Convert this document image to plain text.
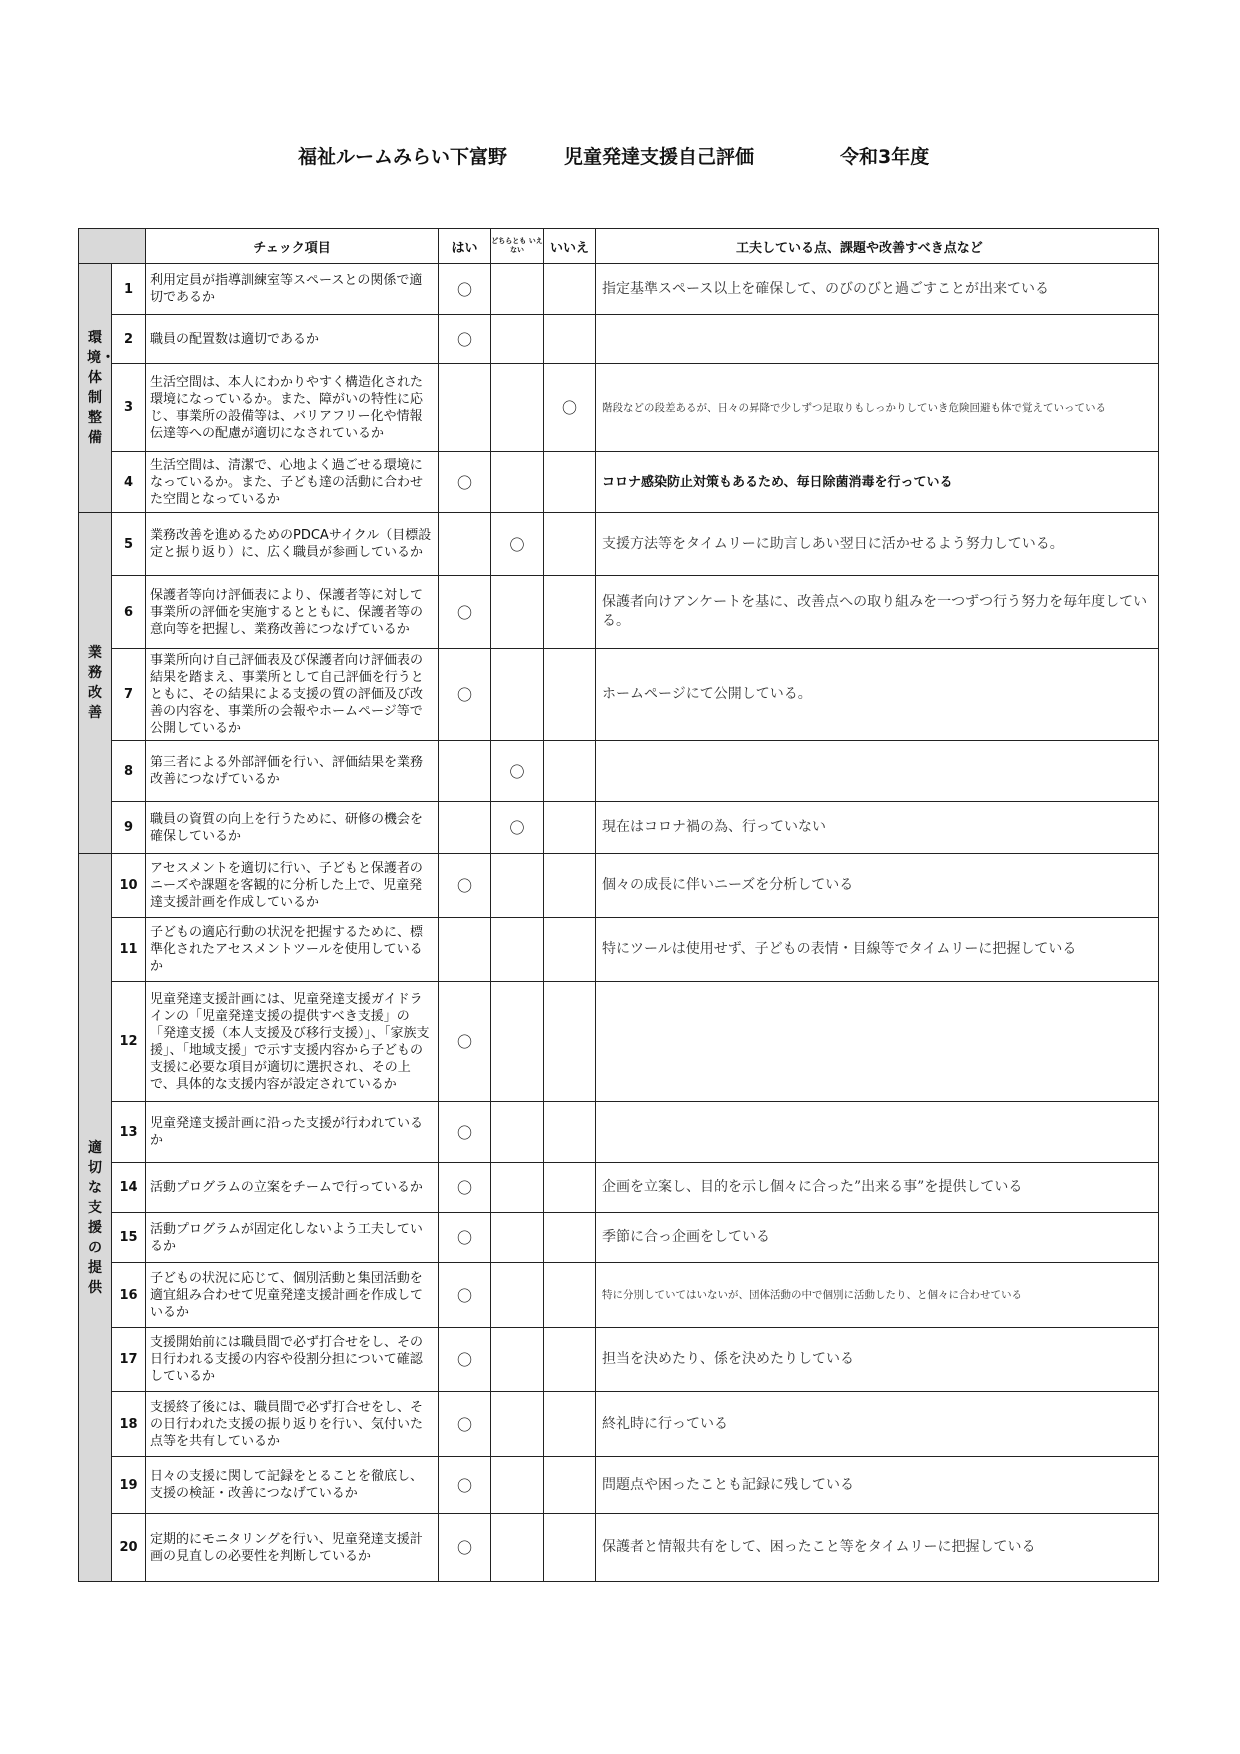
福祉ルームみらい下富野	児童発達支援自己評価	令和3年度
		チェック項目	はい	どちらとも いえない	いいえ	工夫している点、課題や改善すべき点など
環境・体制整備	1	利用定員が指導訓練室等スペースとの関係で適切であるか	〇			指定基準スペース以上を確保して、のびのびと過ごすことが出来ている
	2	職員の配置数は適切であるか	〇			
	3	生活空間は、本人にわかりやすく構造化された環境になっているか。また、障がいの特性に応じ、事業所の設備等は、バリアフリー化や情報伝達等への配慮が適切になされているか			〇	階段などの段差あるが、日々の昇降で少しずつ足取りもしっかりしていき危険回避も体で覚えていっている
	4	生活空間は、清潔で、心地よく過ごせる環境になっているか。また、子ども達の活動に合わせた空間となっているか	〇			コロナ感染防止対策もあるため、毎日除菌消毒を行っている
業務改善	5	業務改善を進めるためのPDCAサイクル（目標設定と振り返り）に、広く職員が参画しているか		〇		支援方法等をタイムリーに助言しあい翌日に活かせるよう努力している。
	6	保護者等向け評価表により、保護者等に対して事業所の評価を実施するとともに、保護者等の意向等を把握し、業務改善につなげているか	〇			保護者向けアンケートを基に、改善点への取り組みを一つずつ行う努力を毎年度している。
	7	事業所向け自己評価表及び保護者向け評価表の結果を踏まえ、事業所として自己評価を行うとともに、その結果による支援の質の評価及び改善の内容を、事業所の会報やホームページ等で公開しているか	〇			ホームページにて公開している。
	8	第三者による外部評価を行い、評価結果を業務改善につなげているか		〇		
	9	職員の資質の向上を行うために、研修の機会を確保しているか		〇		現在はコロナ禍の為、行っていない
適切な支援の提供	10	アセスメントを適切に行い、子どもと保護者のニーズや課題を客観的に分析した上で、児童発達支援計画を作成しているか	〇			個々の成長に伴いニーズを分析している
	11	子どもの適応行動の状況を把握するために、標準化されたアセスメントツールを使用しているか				特にツールは使用せず、子どもの表情・目線等でタイムリーに把握している
	12	児童発達支援計画には、児童発達支援ガイドラインの「児童発達支援の提供すべき支援」の「発達支援（本人支援及び移行支援）」、「家族支援」、「地域支援」で示す支援内容から子どもの支援に必要な項目が適切に選択され、その上で、具体的な支援内容が設定されているか	〇			
	13	児童発達支援計画に沿った支援が行われているか	〇			
	14	活動プログラムの立案をチームで行っているか	〇			企画を立案し、目的を示し個々に合った”出来る事”を提供している
	15	活動プログラムが固定化しないよう工夫しているか	〇			季節に合っ企画をしている
	16	子どもの状況に応じて、個別活動と集団活動を適宜組み合わせて児童発達支援計画を作成しているか	〇			特に分別していてはいないが、団体活動の中で個別に活動したり、と個々に合わせている
	17	支援開始前には職員間で必ず打合せをし、その日行われる支援の内容や役割分担について確認しているか	〇			担当を決めたり、係を決めたりしている
	18	支援終了後には、職員間で必ず打合せをし、その日行われた支援の振り返りを行い、気付いた点等を共有しているか	〇			終礼時に行っている
	19	日々の支援に関して記録をとることを徹底し、支援の検証・改善につなげているか	〇			問題点や困ったことも記録に残している
	20	定期的にモニタリングを行い、児童発達支援計画の見直しの必要性を判断しているか	〇			保護者と情報共有をして、困ったこと等をタイムリーに把握している
